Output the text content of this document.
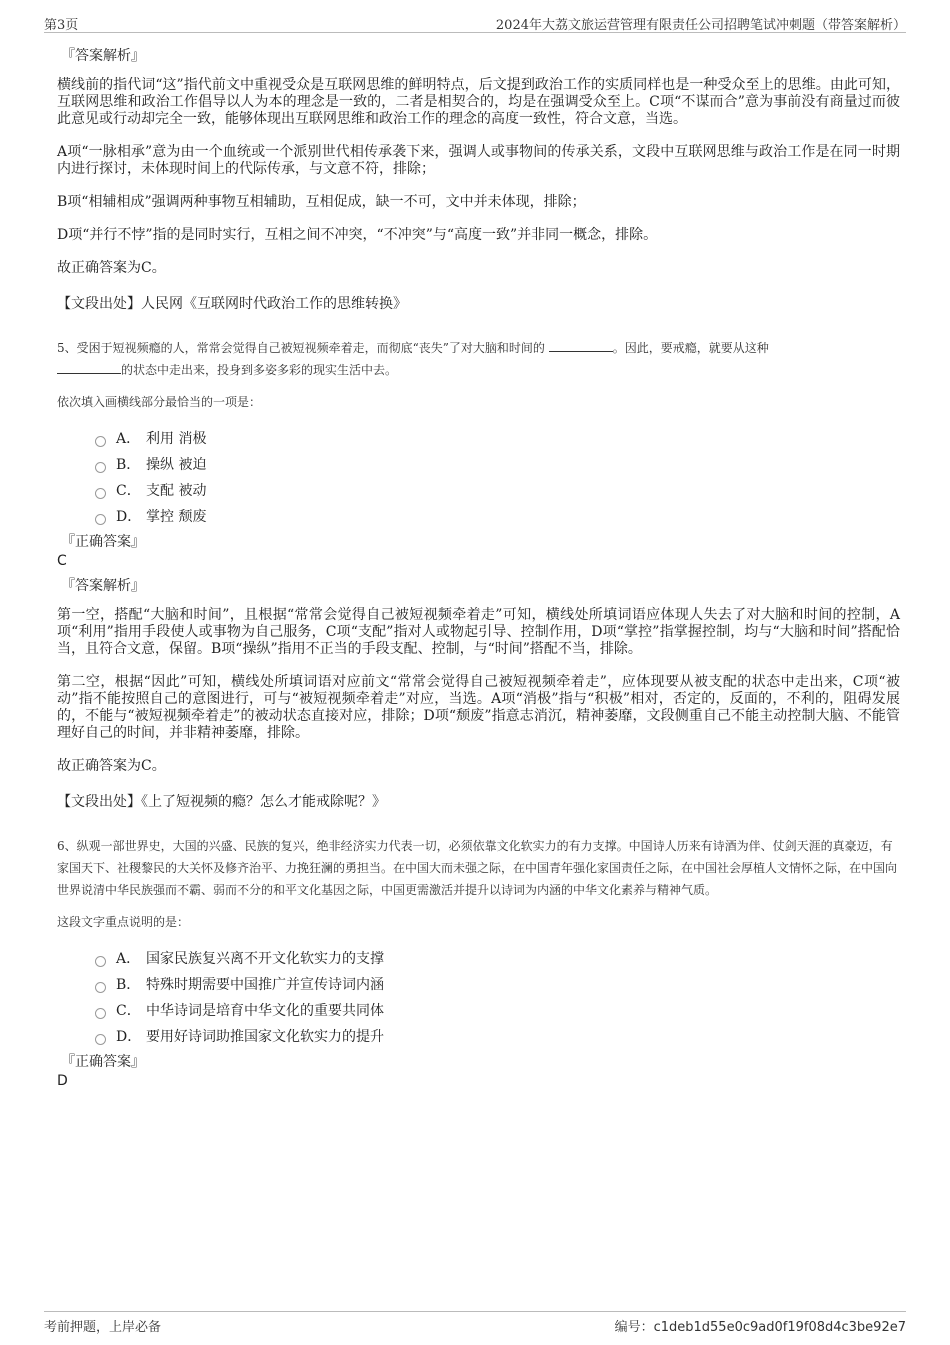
第3页	2024年大荔文旅运营管理有限责任公司招聘笔试冲刺题（带答案解析）
『答案解析』
横线前的指代词“这”指代前文中重视受众是互联网思维的鲜明特点，后文提到政治工作的实质同样也是一种受众至上的思维。由此可知，互联网思维和政治工作倡导以人为本的理念是一致的，二者是相契合的，均是在强调受众至上。C项“不谋而合”意为事前没有商量过而彼此意见或行动却完全一致，能够体现出互联网思维和政治工作的理念的高度一致性，符合文意，当选。
A项“一脉相承”意为由一个血统或一个派别世代相传承袭下来，强调人或事物间的传承关系，文段中互联网思维与政治工作是在同一时期内进行探讨，未体现时间上的代际传承，与文意不符，排除；
B项“相辅相成”强调两种事物互相辅助，互相促成，缺一不可，文中并未体现，排除；
D项“并行不悖”指的是同时实行，互相之间不冲突，“不冲突”与“高度一致”并非同一概念，排除。
故正确答案为C。
【文段出处】人民网《互联网时代政治工作的思维转换》
5、受困于短视频瘾的人，常常会觉得自己被短视频牵着走，而彻底“丧失”了对大脑和时间的	。因此，要戒瘾，就要从这种
的状态中走出来，投身到多姿多彩的现实生活中去。
依次填入画横线部分最恰当的一项是：
A． 利用 消极
B． 操纵 被迫
C． 支配 被动
D． 掌控 颓废
『正确答案』
C
『答案解析』
第一空，搭配“大脑和时间”，且根据“常常会觉得自己被短视频牵着走”可知，横线处所填词语应体现人失去了对大脑和时间的控制，A项“利用”指用手段使人或事物为自己服务，C项“支配”指对人或物起引导、控制作用，D项“掌控”指掌握控制，均与“大脑和时间”搭配恰当，且符合文意，保留。B项“操纵”指用不正当的手段支配、控制，与“时间”搭配不当，排除。
第二空，根据“因此”可知，横线处所填词语对应前文“常常会觉得自己被短视频牵着走”，应体现要从被支配的状态中走出来，C项“被动”指不能按照自己的意图进行，可与“被短视频牵着走”对应，当选。A项“消极”指与“积极”相对，否定的，反面的，不利的，阻碍发展的，不能与“被短视频牵着走”的被动状态直接对应，排除；D项“颓废”指意志消沉，精神萎靡，文段侧重自己不能主动控制大脑、不能管理好自己的时间，并非精神萎靡，排除。
故正确答案为C。
【文段出处】《上了短视频的瘾？怎么才能戒除呢？》
6、纵观一部世界史，大国的兴盛、民族的复兴，绝非经济实力代表一切，必须依靠文化软实力的有力支撑。中国诗人历来有诗酒为伴、仗剑天涯的真豪迈，有家国天下、社稷黎民的大关怀及修齐治平、力挽狂澜的勇担当。在中国大而未强之际，在中国青年强化家国责任之际，在中国社会厚植人文情怀之际，在中国向世界说清中华民族强而不霸、弱而不分的和平文化基因之际，中国更需激活并提升以诗词为内涵的中华文化素养与精神气质。
这段文字重点说明的是：
A． 国家民族复兴离不开文化软实力的支撑
B． 特殊时期需要中国推广并宣传诗词内涵
C． 中华诗词是培育中华文化的重要共同体
D． 要用好诗词助推国家文化软实力的提升
『正确答案』
D
考前押题，上岸必备	编号：c1deb1d55e0c9ad0f19f08d4c3be92e7
